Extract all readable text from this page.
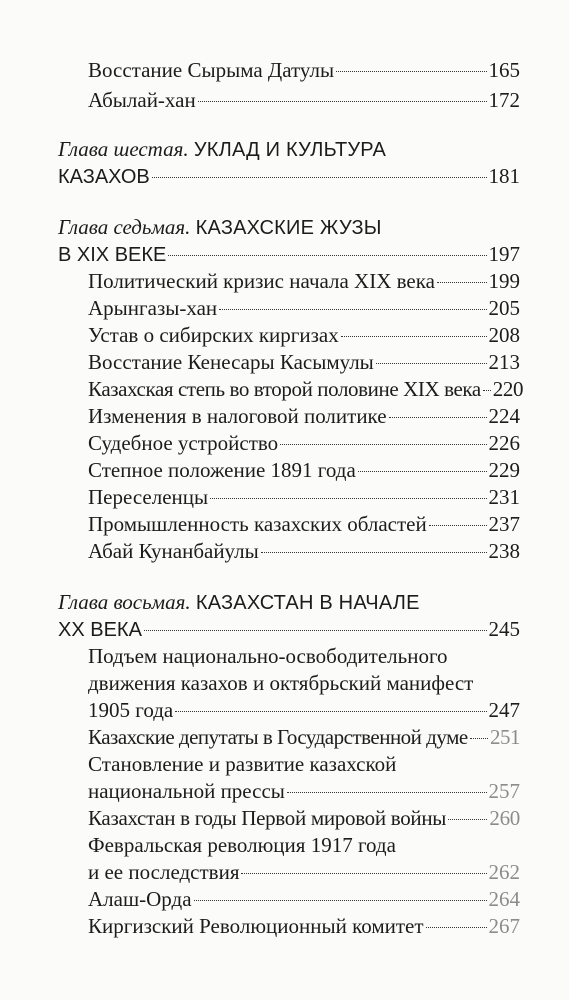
Восстание Сырыма Датулы	165
Абылай-хан	172
Глава шестая. УКЛАД И КУЛЬТУРА
КАЗАХОВ	181
Глава седьмая. КАЗАХСКИЕ ЖУЗЫ
В XIX ВЕКЕ	197
Политический кризис начала XIX века	199
Арынгазы-хан	205
Устав о сибирских киргизах	208
Восстание Кенесары Касымулы	213
Казахская степь во второй половине XIX века 220
Изменения в налоговой политике	224
Судебное устройство	226
Степное положение 1891 года	229
Переселенцы	231
Промышленность казахских областей	237
Абай Кунанбайулы	238
Глава восьмая. КАЗАХСТАН В НАЧАЛЕ
XX ВЕКА	245
Подъем национально-освободительного
движения казахов и октябрьский манифест
1905 года	247
Казахские депутаты в Государственной думе 251
Становление и развитие казахской
национальной прессы	257
Казахстан в годы Первой мировой войны 260
Февральская революция 1917 года
и ее последствия	262
Алаш-Орда	264
Киргизский Революционный комитет	267
